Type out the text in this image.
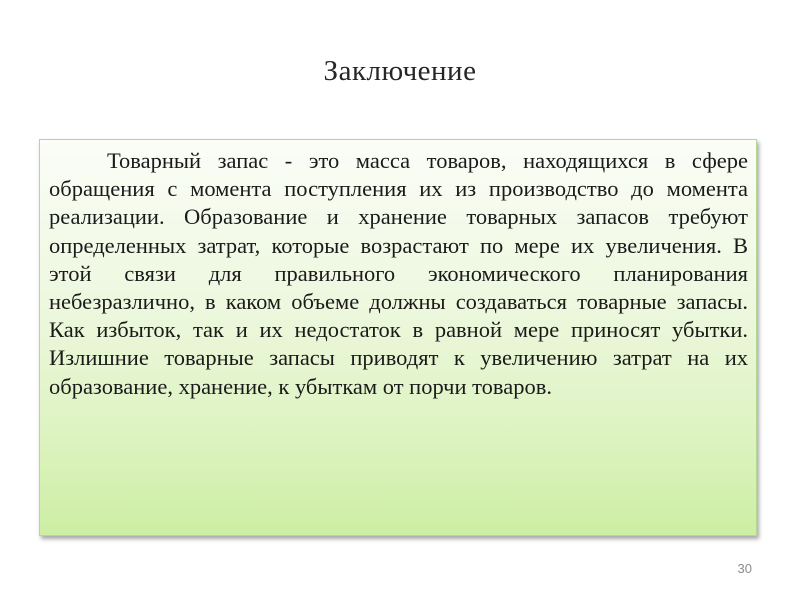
Заключение

Товарный запас - это масса товаров, находящихся в сфере обращения с момента поступления их из производство до момента реализации. Образование и хранение товарных запасов требуют определенных затрат, которые возрастают по мере их увеличения. В этой связи для правильного экономического планирования небезразлично, в каком объеме должны создаваться товарные запасы. Как избыток, так и их недостаток в равной мере приносят убытки. Излишние товарные запасы приводят к увеличению затрат на их образование, хранение, к убыткам от порчи товаров.

30
